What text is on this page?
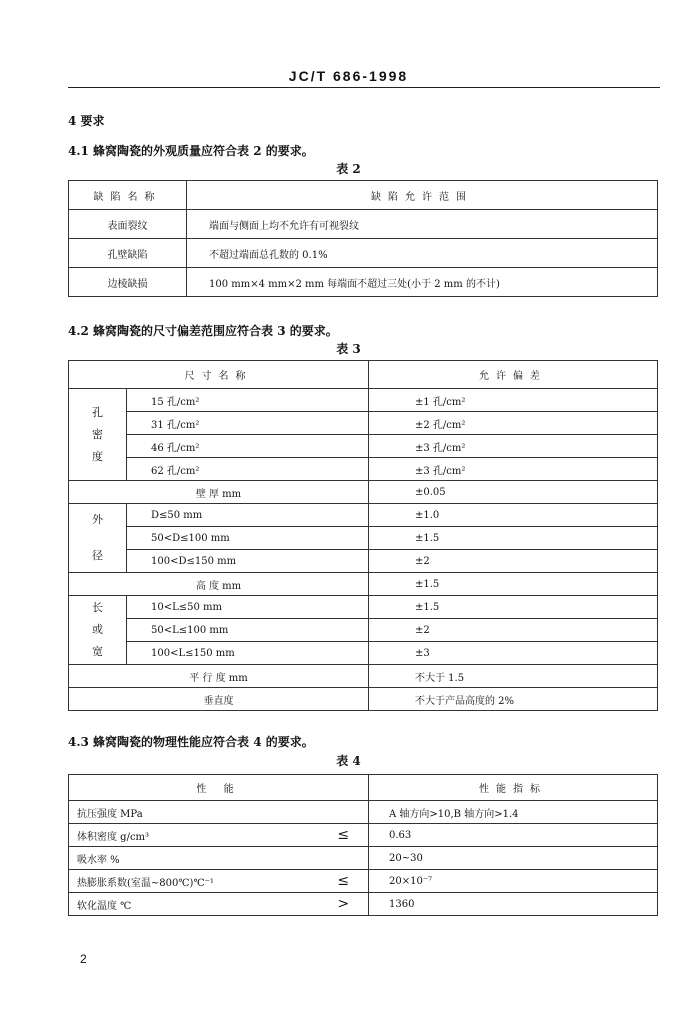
JC/T 686-1998
4 要求
4.1 蜂窝陶瓷的外观质量应符合表 2 的要求。
表 2
缺陷名称	缺陷允许范围
表面裂纹	端面与侧面上均不允许有可视裂纹
孔壁缺陷	不超过端面总孔数的 0.1%
边棱缺损	100 mm×4 mm×2 mm 每端面不超过三处(小于 2 mm 的不计)
4.2 蜂窝陶瓷的尺寸偏差范围应符合表 3 的要求。
表 3
尺寸名称		允许偏差

孔
密
度	15 孔/cm²	±1 孔/cm²
	31 孔/cm²	±2 孔/cm²
	46 孔/cm²	±3 孔/cm²
	62 孔/cm²	±3 孔/cm²
壁 厚 mm		±0.05

外
径	D≤50 mm	±1.0
	50<D≤100 mm	±1.5
	100<D≤150 mm	±2
高 度 mm		±1.5

长
或
宽	10<L≤50 mm	±1.5
	50<L≤100 mm	±2
	100<L≤150 mm	±3
平 行 度 mm		不大于 1.5
垂直度		不大于产品高度的 2%
4.3 蜂窝陶瓷的物理性能应符合表 4 的要求。
表 4
性 能		性能指标
抗压强度 MPa		A 轴方向>10,B 轴方向>1.4
体积密度 g/cm³	≤	0.63
吸水率 %		20~30
热膨胀系数(室温~800℃)℃⁻¹	≤	20×10⁻⁷
软化温度 ℃	>	1360
2
